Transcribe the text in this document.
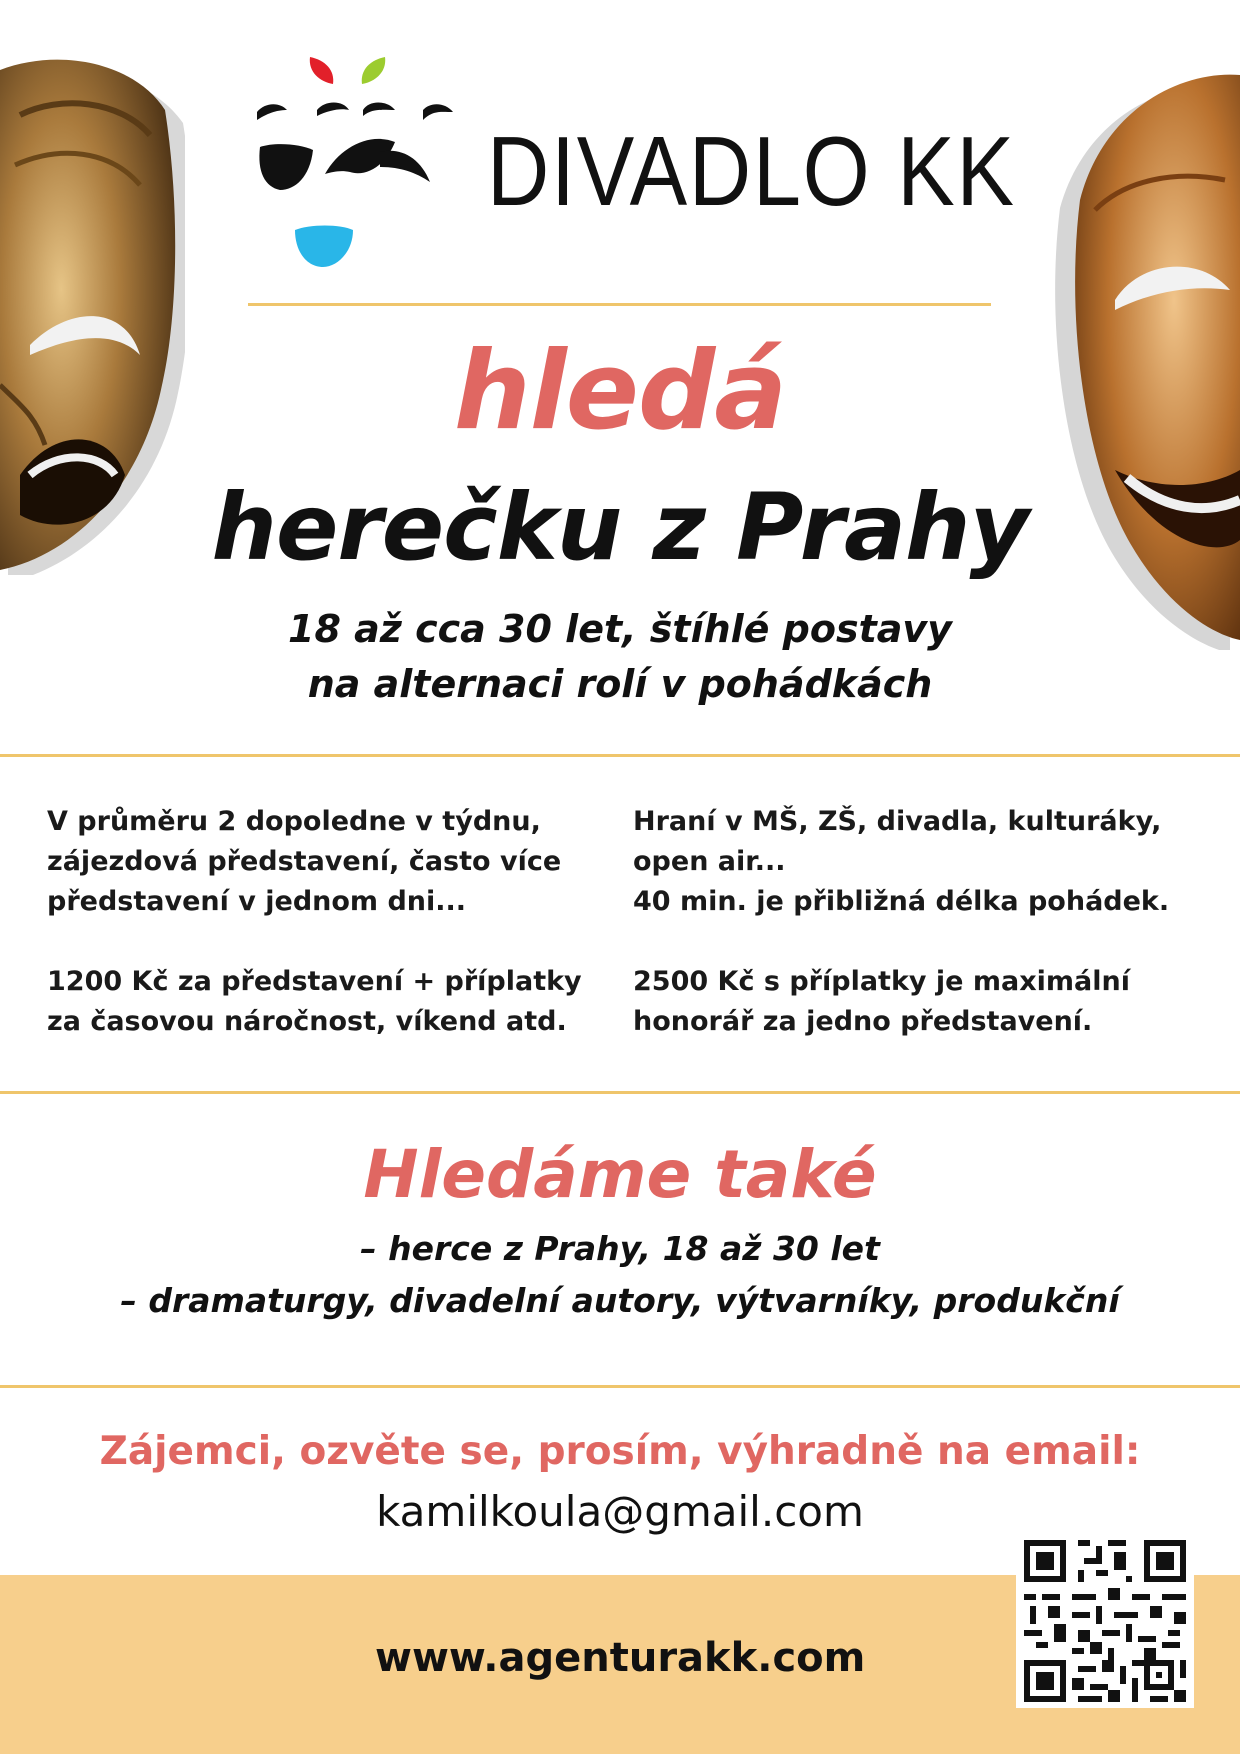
DIVADLO KK
hledá
herečku z Prahy
18 až cca 30 let, štíhlé postavy
na alternaci rolí v pohádkách
V průměru 2 dopoledne v týdnu,
zájezdová představení, často více
představení v jednom dni...
1200 Kč za představení + příplatky
za časovou náročnost, víkend atd.
Hraní v MŠ, ZŠ, divadla, kulturáky,
open air...
40 min. je přibližná délka pohádek.
2500 Kč s příplatky je maximální
honorář za jedno představení.
Hledáme také
– herce z Prahy, 18 až 30 let
– dramaturgy, divadelní autory, výtvarníky, produkční
Zájemci, ozvěte se, prosím, výhradně na email:
kamilkoula@gmail.com
www.agenturakk.com
